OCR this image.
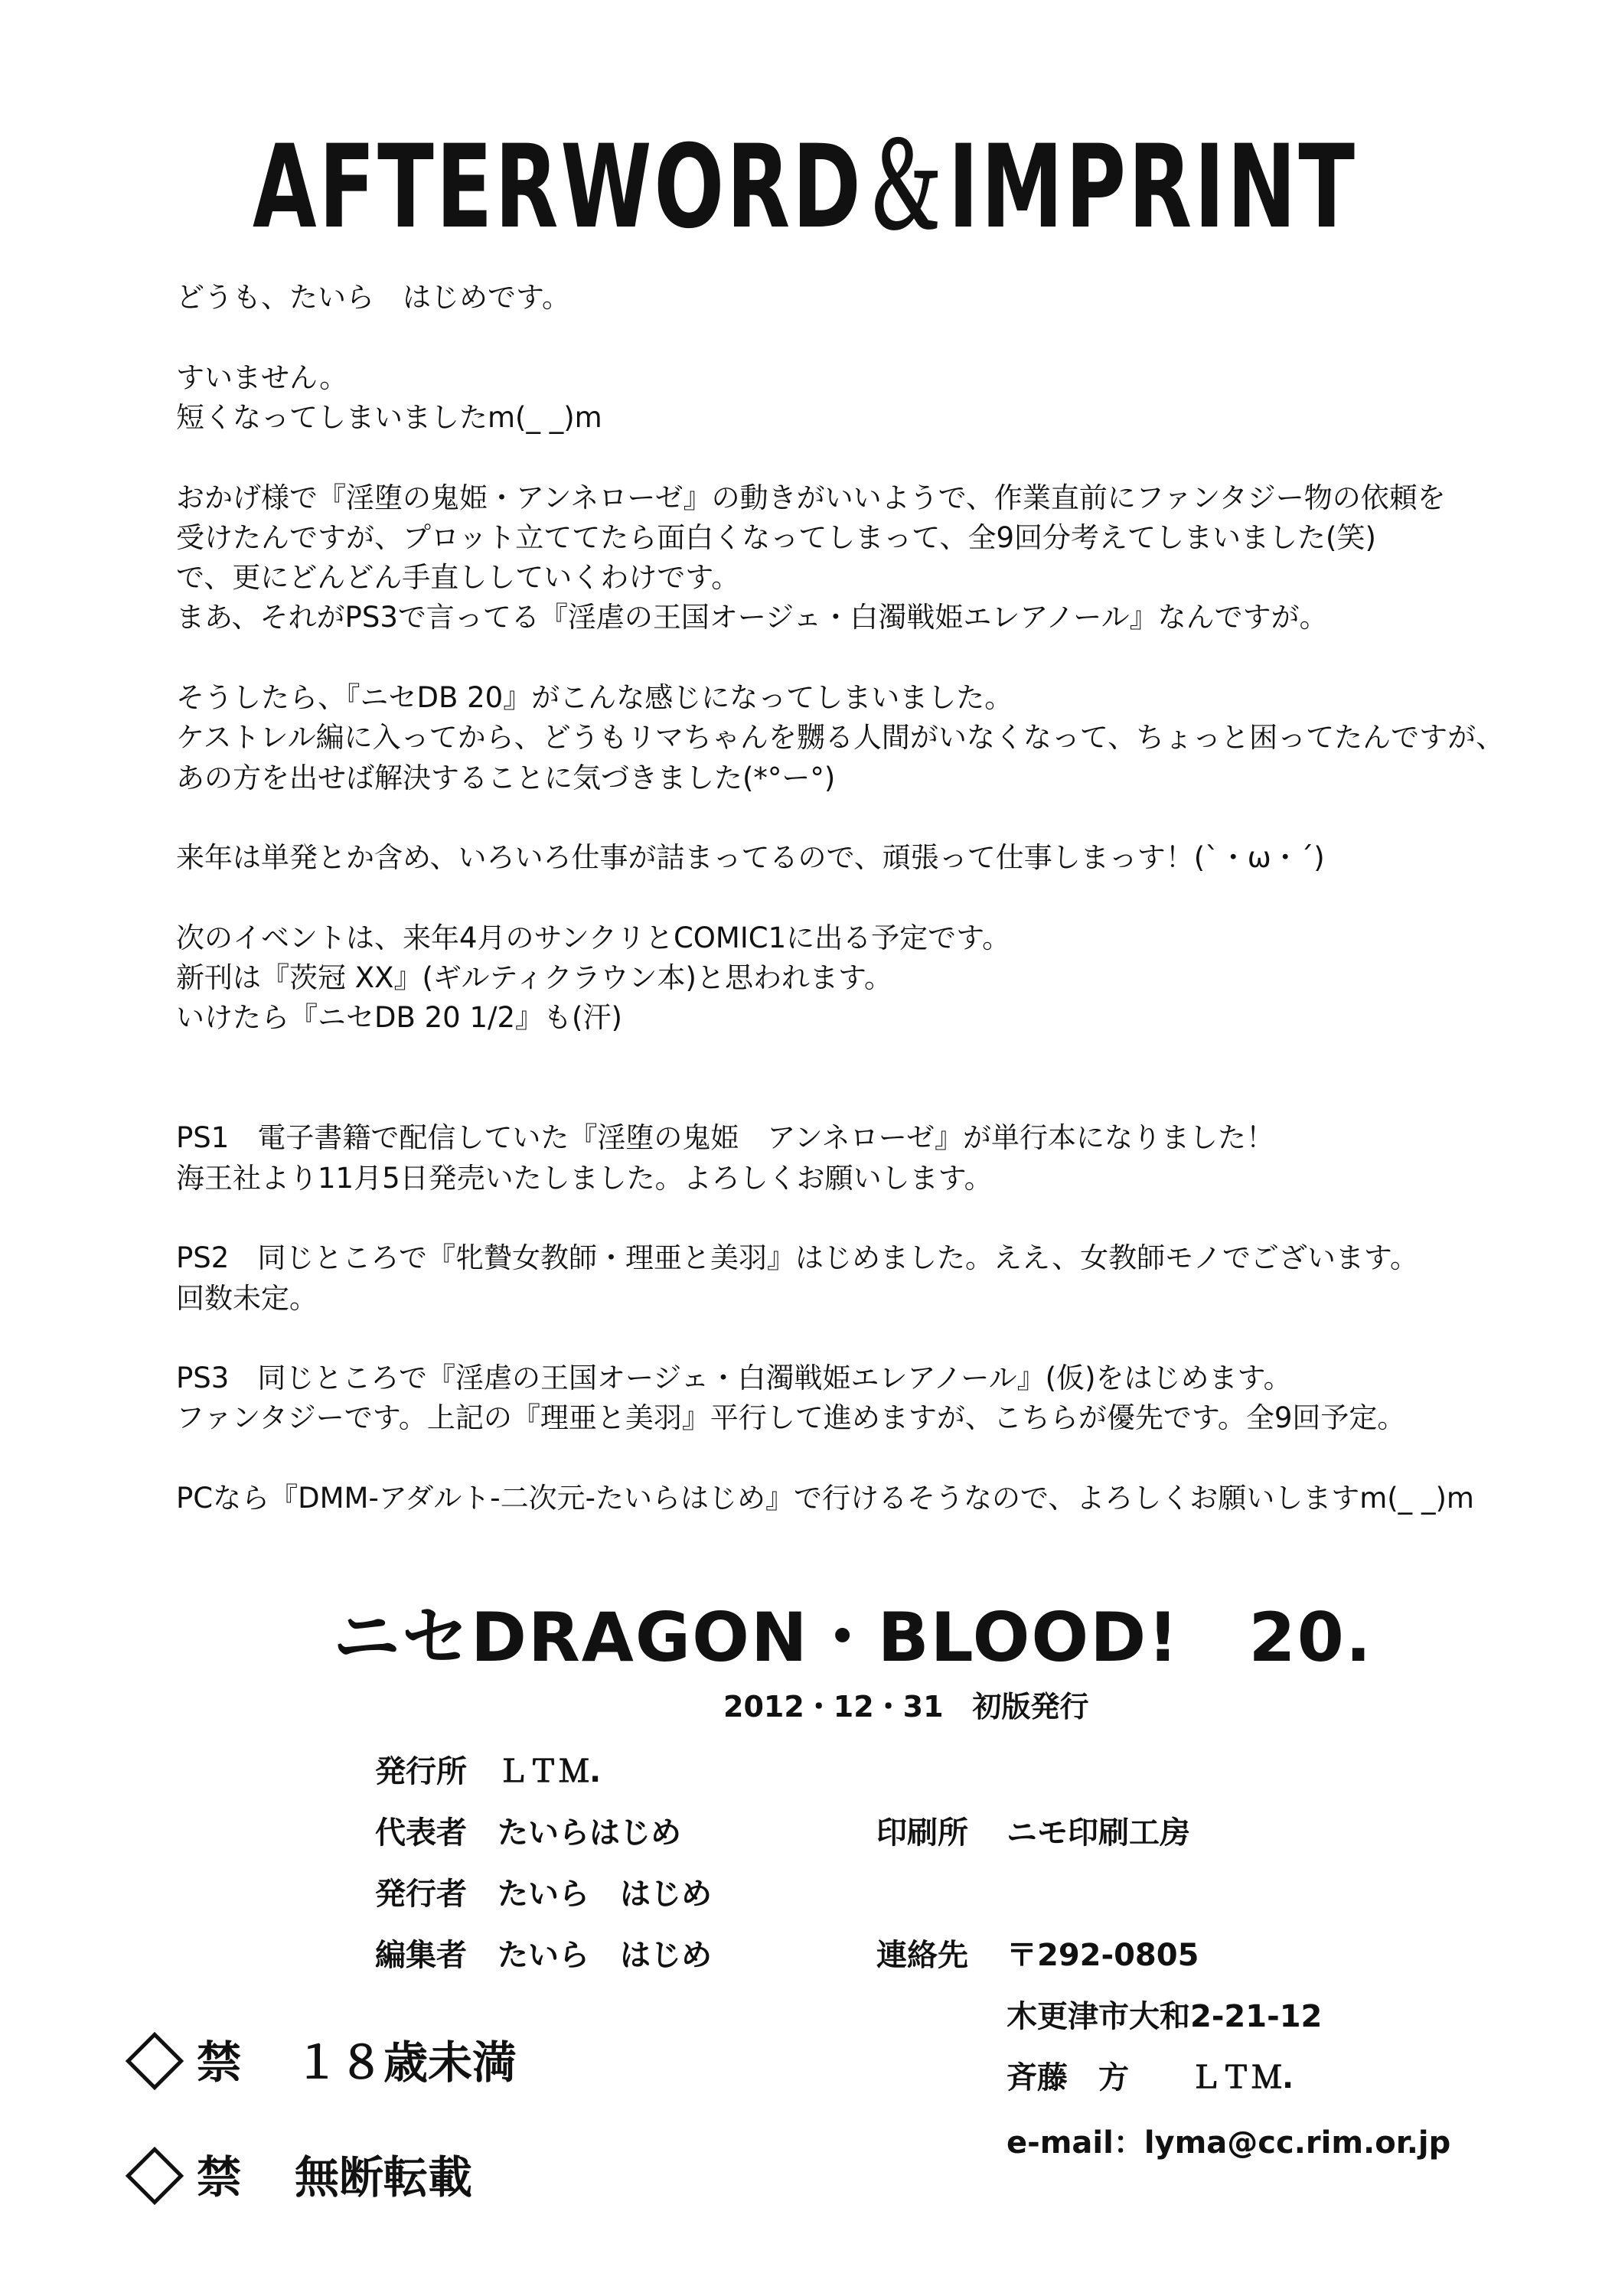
AFTERWORD＆IMPRINT
どうも、たいら　はじめです。
すいません。
短くなってしまいましたm(_ _)m
おかげ様で『淫堕の鬼姫・アンネローゼ』の動きがいいようで、作業直前にファンタジー物の依頼を
受けたんですが、プロット立ててたら面白くなってしまって、全9回分考えてしまいました(笑)
で、更にどんどん手直ししていくわけです。
まあ、それがPS3で言ってる『淫虐の王国オージェ・白濁戦姫エレアノール』なんですが。
そうしたら、『ニセDB 20』がこんな感じになってしまいました。
ケストレル編に入ってから、どうもリマちゃんを嬲る人間がいなくなって、ちょっと困ってたんですが、
あの方を出せば解決することに気づきました(*°ー°)
来年は単発とか含め、いろいろ仕事が詰まってるので、頑張って仕事しまっす！(`・ω・´)
次のイベントは、来年4月のサンクリとCOMIC1に出る予定です。
新刊は『茨冠 XX』(ギルティクラウン本)と思われます。
いけたら『ニセDB 20 1/2』も(汗)
PS1　電子書籍で配信していた『淫堕の鬼姫　アンネローゼ』が単行本になりました！
海王社より11月5日発売いたしました。よろしくお願いします。
PS2　同じところで『牝贄女教師・理亜と美羽』はじめました。ええ、女教師モノでございます。
回数未定。
PS3　同じところで『淫虐の王国オージェ・白濁戦姫エレアノール』(仮)をはじめます。
ファンタジーです。上記の『理亜と美羽』平行して進めますが、こちらが優先です。全9回予定。
PCなら『DMM-アダルト-二次元-たいらはじめ』で行けるそうなので、よろしくお願いしますm(_ _)m
ニセDRAGON・BLOOD!　20.
2012・12・31　初版発行
発行所 ＬＴＭ.
代表者 たいらはじめ	印刷所 ニモ印刷工房
発行者 たいら　はじめ
編集者 たいら　はじめ	連絡先 〒292-0805
木更津市大和2-21-12
斉藤　方　　ＬＴＭ.
e-mail：lyma@cc.rim.or.jp
禁 １８歳未満
禁 無断転載
